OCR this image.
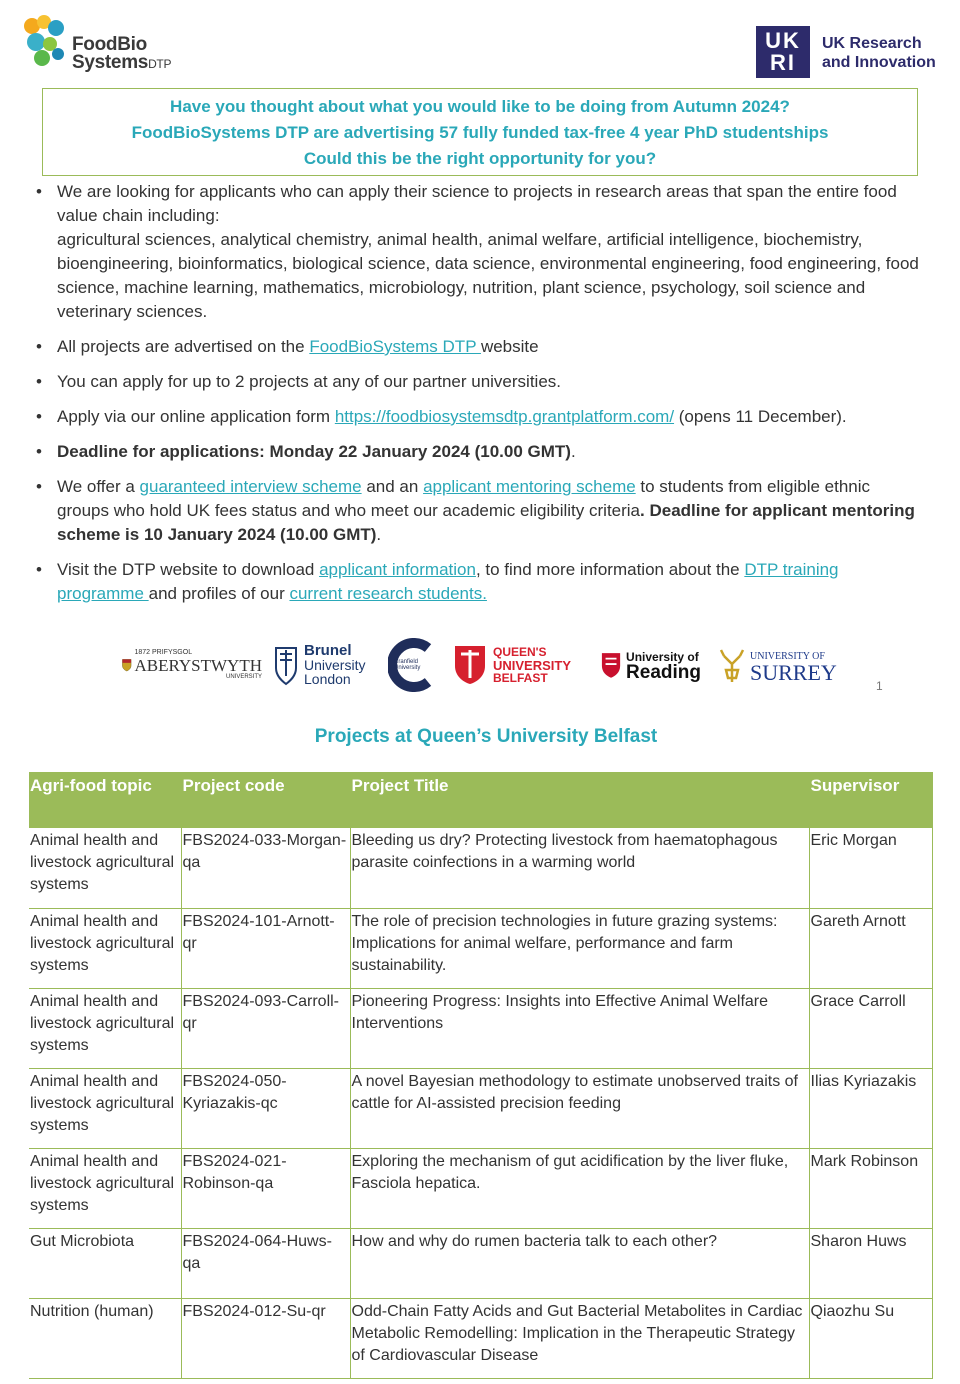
FoodBio
SystemsDTP
UK
RI
UK Research
and Innovation
Have you thought about what you would like to be doing from Autumn 2024?
FoodBioSystems DTP are advertising 57 fully funded tax-free 4 year PhD studentships
Could this be the right opportunity for you?
• We are looking for applicants who can apply their science to projects in research areas that span the entire food value chain including:
agricultural sciences, analytical chemistry, animal health, animal welfare, artificial intelligence, biochemistry, bioengineering, bioinformatics, biological science, data science, environmental engineering, food engineering, food science, machine learning, mathematics, microbiology, nutrition, plant science, psychology, soil science and veterinary sciences.
• All projects are advertised on the FoodBioSystems DTP website
• You can apply for up to 2 projects at any of our partner universities.
• Apply via our online application form https://foodbiosystemsdtp.grantplatform.com/ (opens 11 December).
• Deadline for applications: Monday 22 January 2024 (10.00 GMT).
• We offer a guaranteed interview scheme and an applicant mentoring scheme to students from eligible ethnic groups who hold UK fees status and who meet our academic eligibility criteria. Deadline for applicant mentoring scheme is 10 January 2024 (10.00 GMT).
• Visit the DTP website to download applicant information, to find more information about the DTP training programme and profiles of our current research students.
1872 PRIFYSGOL
ABERYSTWYTH
UNIVERSITY
Brunel
University
London
Cranfield
University
QUEEN'S
UNIVERSITY
BELFAST
University of
Reading
UNIVERSITY OF
SURREY
1
Projects at Queen’s University Belfast
Agri-food topic	Project code	Project Title	Supervisor
Animal health and livestock agricultural systems	FBS2024-033-Morgan-qa	Bleeding us dry? Protecting livestock from haematophagous parasite coinfections in a warming world	Eric Morgan
Animal health and livestock agricultural systems	FBS2024-101-Arnott-qr	The role of precision technologies in future grazing systems: Implications for animal welfare, performance and farm sustainability.	Gareth Arnott
Animal health and livestock agricultural systems	FBS2024-093-Carroll-qr	Pioneering Progress: Insights into Effective Animal Welfare Interventions	Grace Carroll
Animal health and livestock agricultural systems	FBS2024-050-Kyriazakis-qc	A novel Bayesian methodology to estimate unobserved traits of cattle for AI-assisted precision feeding	Ilias Kyriazakis
Animal health and livestock agricultural systems	FBS2024-021-Robinson-qa	Exploring the mechanism of gut acidification by the liver fluke, Fasciola hepatica.	Mark Robinson
Gut Microbiota	FBS2024-064-Huws-qa	How and why do rumen bacteria talk to each other?	Sharon Huws
Nutrition (human)	FBS2024-012-Su-qr	Odd-Chain Fatty Acids and Gut Bacterial Metabolites in Cardiac Metabolic Remodelling: Implication in the Therapeutic Strategy of Cardiovascular Disease	Qiaozhu Su
